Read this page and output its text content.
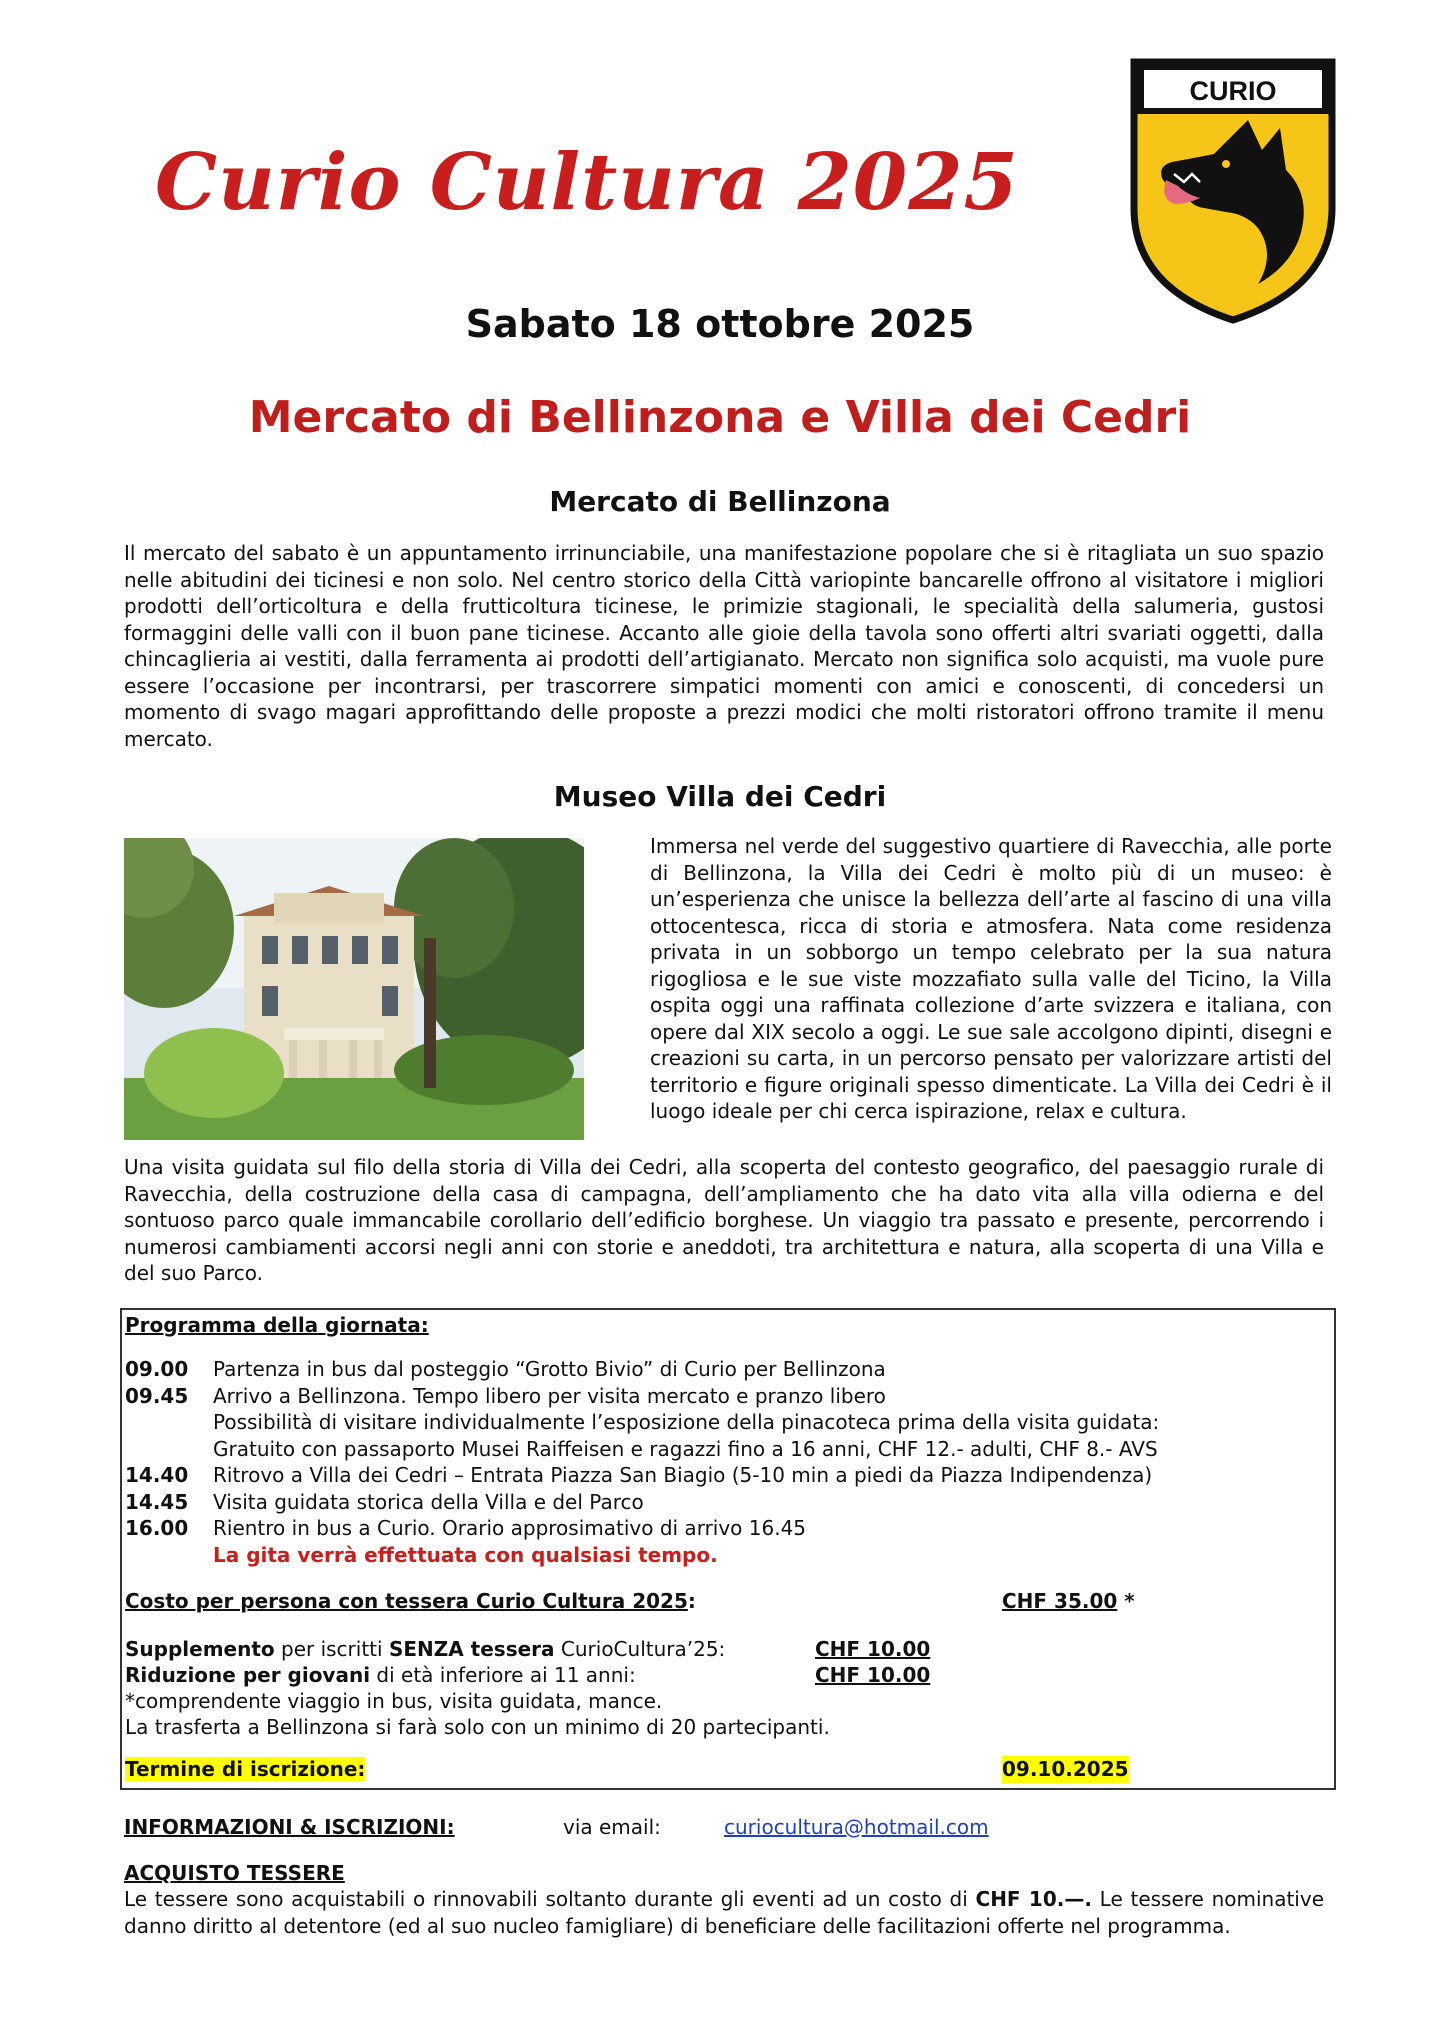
Curio Cultura 2025
CURIO
Sabato 18 ottobre 2025
Mercato di Bellinzona e Villa dei Cedri
Mercato di Bellinzona

Il mercato del sabato è un appuntamento irrinunciabile, una manifestazione popolare che si è ritagliata un suo spazio nelle abitudini dei ticinesi e non solo. Nel centro storico della Città variopinte bancarelle offrono al visitatore i migliori prodotti dell’orticoltura e della frutticoltura ticinese, le primizie stagionali, le specialità della salumeria, gustosi formaggini delle valli con il buon pane ticinese. Accanto alle gioie della tavola sono offerti altri svariati oggetti, dalla chincaglieria ai vestiti, dalla ferramenta ai prodotti dell’artigianato. Mercato non significa solo acquisti, ma vuole pure essere l’occasione per incontrarsi, per trascorrere simpatici momenti con amici e conoscenti, di concedersi un momento di svago magari approfittando delle proposte a prezzi modici che molti ristoratori offrono tramite il menu mercato.

Museo Villa dei Cedri

Immersa nel verde del suggestivo quartiere di Ravecchia, alle porte di Bellinzona, la Villa dei Cedri è molto più di un museo: è un’esperienza che unisce la bellezza dell’arte al fascino di una villa ottocentesca, ricca di storia e atmosfera. Nata come residenza privata in un sobborgo un tempo celebrato per la sua natura rigogliosa e le sue viste mozzafiato sulla valle del Ticino, la Villa ospita oggi una raffinata collezione d’arte svizzera e italiana, con opere dal XIX secolo a oggi. Le sue sale accolgono dipinti, disegni e creazioni su carta, in un percorso pensato per valorizzare artisti del territorio e figure originali spesso dimenticate. La Villa dei Cedri è il luogo ideale per chi cerca ispirazione, relax e cultura.

Una visita guidata sul filo della storia di Villa dei Cedri, alla scoperta del contesto geografico, del paesaggio rurale di Ravecchia, della costruzione della casa di campagna, dell’ampliamento che ha dato vita alla villa odierna e del sontuoso parco quale immancabile corollario dell’edificio borghese. Un viaggio tra passato e presente, percorrendo i numerosi cambiamenti accorsi negli anni con storie e aneddoti, tra architettura e natura, alla scoperta di una Villa e del suo Parco.

Programma della giornata:
09.00 Partenza in bus dal posteggio “Grotto Bivio” di Curio per Bellinzona
09.45 Arrivo a Bellinzona. Tempo libero per visita mercato e pranzo libero
Possibilità di visitare individualmente l’esposizione della pinacoteca prima della visita guidata:
Gratuito con passaporto Musei Raiffeisen e ragazzi fino a 16 anni, CHF 12.- adulti, CHF 8.- AVS
14.40 Ritrovo a Villa dei Cedri – Entrata Piazza San Biagio (5-10 min a piedi da Piazza Indipendenza)
14.45 Visita guidata storica della Villa e del Parco
16.00 Rientro in bus a Curio. Orario approsimativo di arrivo 16.45
La gita verrà effettuata con qualsiasi tempo.
Costo per persona con tessera Curio Cultura 2025:	CHF 35.00 *
Supplemento per iscritti SENZA tessera CurioCultura’25:	CHF 10.00
Riduzione per giovani di età inferiore ai 11 anni:	CHF 10.00
*comprendente viaggio in bus, visita guidata, mance.
La trasferta a Bellinzona si farà solo con un minimo di 20 partecipanti.
Termine di iscrizione:	09.10.2025
INFORMAZIONI & ISCRIZIONI:	via email:	curiocultura@hotmail.com
ACQUISTO TESSERE

Le tessere sono acquistabili o rinnovabili soltanto durante gli eventi ad un costo di CHF 10.—. Le tessere nominative danno diritto al detentore (ed al suo nucleo famigliare) di beneficiare delle facilitazioni offerte nel programma.
